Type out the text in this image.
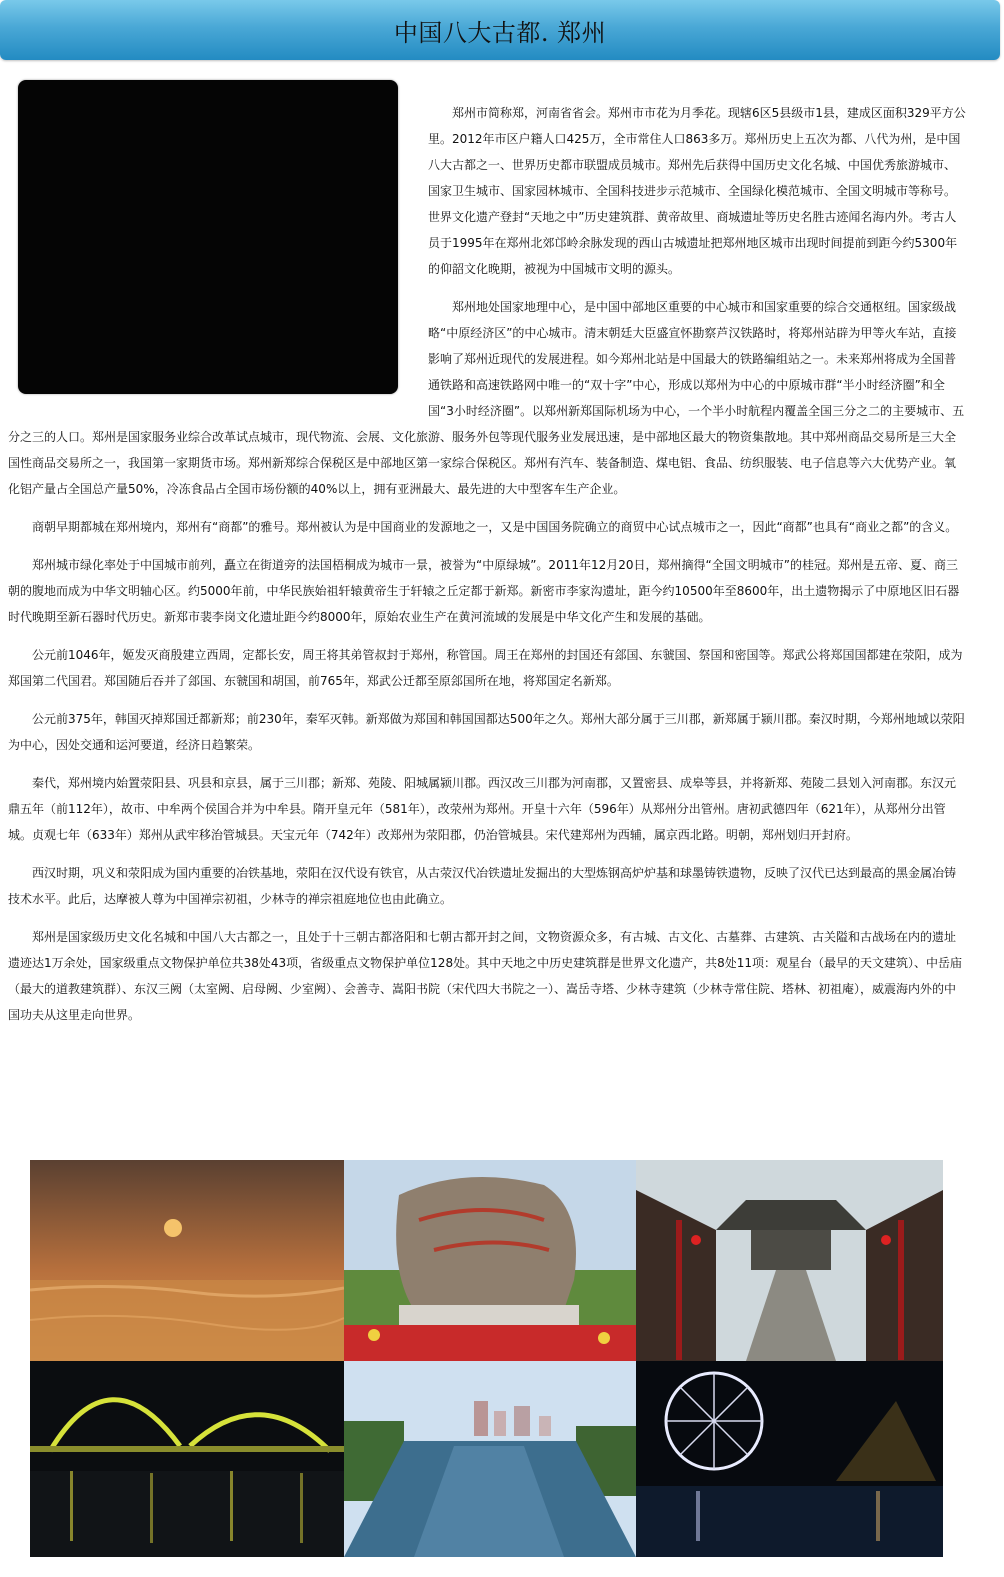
中国八大古都. 郑州

郑州市简称郑，河南省省会。郑州市市花为月季花。现辖6区5县级市1县，建成区面积329平方公里。2012年市区户籍人口425万，全市常住人口863多万。郑州历史上五次为都、八代为州，是中国八大古都之一、世界历史都市联盟成员城市。郑州先后获得中国历史文化名城、中国优秀旅游城市、国家卫生城市、国家园林城市、全国科技进步示范城市、全国绿化模范城市、全国文明城市等称号。世界文化遗产登封“天地之中”历史建筑群、黄帝故里、商城遗址等历史名胜古迹闻名海内外。考古人员于1995年在郑州北郊邙岭余脉发现的西山古城遗址把郑州地区城市出现时间提前到距今约5300年的仰韶文化晚期，被视为中国城市文明的源头。

郑州地处国家地理中心，是中国中部地区重要的中心城市和国家重要的综合交通枢纽。国家级战略“中原经济区”的中心城市。清末朝廷大臣盛宣怀勘察芦汉铁路时，将郑州站辟为甲等火车站，直接影响了郑州近现代的发展进程。如今郑州北站是中国最大的铁路编组站之一。未来郑州将成为全国普通铁路和高速铁路网中唯一的“双十字”中心，形成以郑州为中心的中原城市群“半小时经济圈”和全国“3小时经济圈”。以郑州新郑国际机场为中心，一个半小时航程内覆盖全国三分之二的主要城市、五分之三的人口。郑州是国家服务业综合改革试点城市，现代物流、会展、文化旅游、服务外包等现代服务业发展迅速，是中部地区最大的物资集散地。其中郑州商品交易所是三大全国性商品交易所之一，我国第一家期货市场。郑州新郑综合保税区是中部地区第一家综合保税区。郑州有汽车、装备制造、煤电铝、食品、纺织服装、电子信息等六大优势产业。氧化铝产量占全国总产量50%，冷冻食品占全国市场份额的40%以上，拥有亚洲最大、最先进的大中型客车生产企业。

商朝早期都城在郑州境内，郑州有“商都”的雅号。郑州被认为是中国商业的发源地之一，又是中国国务院确立的商贸中心试点城市之一，因此“商都”也具有“商业之都”的含义。

郑州城市绿化率处于中国城市前列，矗立在街道旁的法国梧桐成为城市一景，被誉为“中原绿城”。2011年12月20日，郑州摘得“全国文明城市”的桂冠。郑州是五帝、夏、商三朝的腹地而成为中华文明轴心区。约5000年前，中华民族始祖轩辕黄帝生于轩辕之丘定都于新郑。新密市李家沟遗址，距今约10500年至8600年，出土遗物揭示了中原地区旧石器时代晚期至新石器时代历史。新郑市裴李岗文化遗址距今约8000年，原始农业生产在黄河流域的发展是中华文化产生和发展的基础。

公元前1046年，姬发灭商殷建立西周，定都长安，周王将其弟管叔封于郑州，称管国。周王在郑州的封国还有郐国、东虢国、祭国和密国等。郑武公将郑国国都建在荥阳，成为郑国第二代国君。郑国随后吞并了郐国、东虢国和胡国，前765年，郑武公迁都至原郐国所在地，将郑国定名新郑。

公元前375年，韩国灭掉郑国迁都新郑；前230年，秦军灭韩。新郑做为郑国和韩国国都达500年之久。郑州大部分属于三川郡，新郑属于颍川郡。秦汉时期，今郑州地域以荥阳为中心，因处交通和运河要道，经济日趋繁荣。

秦代，郑州境内始置荥阳县、巩县和京县，属于三川郡；新郑、苑陵、阳城属颍川郡。西汉改三川郡为河南郡，又置密县、成皋等县，并将新郑、苑陵二县划入河南郡。东汉元鼎五年（前112年），故市、中牟两个侯国合并为中牟县。隋开皇元年（581年），改荥州为郑州。开皇十六年（596年）从郑州分出管州。唐初武德四年（621年），从郑州分出管城。贞观七年（633年）郑州从武牢移治管城县。天宝元年（742年）改郑州为荥阳郡，仍治管城县。宋代建郑州为西辅，属京西北路。明朝，郑州划归开封府。

西汉时期，巩义和荥阳成为国内重要的冶铁基地，荥阳在汉代设有铁官，从古荥汉代冶铁遗址发掘出的大型炼钢高炉炉基和球墨铸铁遗物，反映了汉代已达到最高的黑金属冶铸技术水平。此后，达摩被人尊为中国禅宗初祖，少林寺的禅宗祖庭地位也由此确立。

郑州是国家级历史文化名城和中国八大古都之一，且处于十三朝古都洛阳和七朝古都开封之间，文物资源众多，有古城、古文化、古墓葬、古建筑、古关隘和古战场在内的遗址遗迹达1万余处，国家级重点文物保护单位共38处43项，省级重点文物保护单位128处。其中天地之中历史建筑群是世界文化遗产，共8处11项：观星台（最早的天文建筑）、中岳庙（最大的道教建筑群）、东汉三阙（太室阙、启母阙、少室阙）、会善寺、嵩阳书院（宋代四大书院之一）、嵩岳寺塔、少林寺建筑（少林寺常住院、塔林、初祖庵），威震海内外的中国功夫从这里走向世界。
